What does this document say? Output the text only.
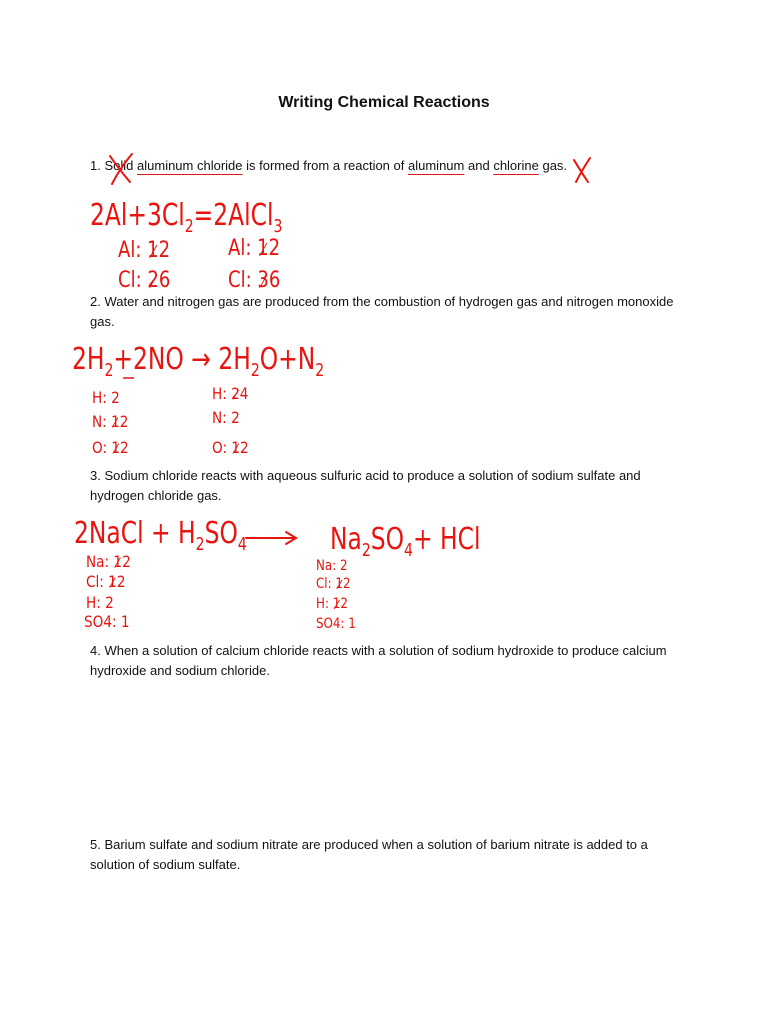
Writing Chemical Reactions
1. Solid aluminum chloride is formed from a reaction of aluminum and chlorine gas.
$2Al+3Cl_2=2AlCl_3$
Al: 12
Cl: 26
Al: 12
Cl: 36
2. Water and nitrogen gas are produced from the combustion of hydrogen gas and nitrogen monoxide gas.
$2H_2+2NO \to 2H_2O+N_2$
H: 2
N: 12
O: 12
H: 24
N: 2
O: 12
3. Sodium chloride reacts with aqueous sulfuric acid to produce a solution of sodium sulfate and hydrogen chloride gas.
2NaCl + $H_2SO_4$	$Na_2SO_4+$ HCl
Na: 12
Cl: 12
H: 2
SO4: 1
Na: 2
Cl: 12
H: 12
SO4: 1
4. When a solution of calcium chloride reacts with a solution of sodium hydroxide to produce calcium hydroxide and sodium chloride.
5. Barium sulfate and sodium nitrate are produced when a solution of barium nitrate is added to a solution of sodium sulfate.
